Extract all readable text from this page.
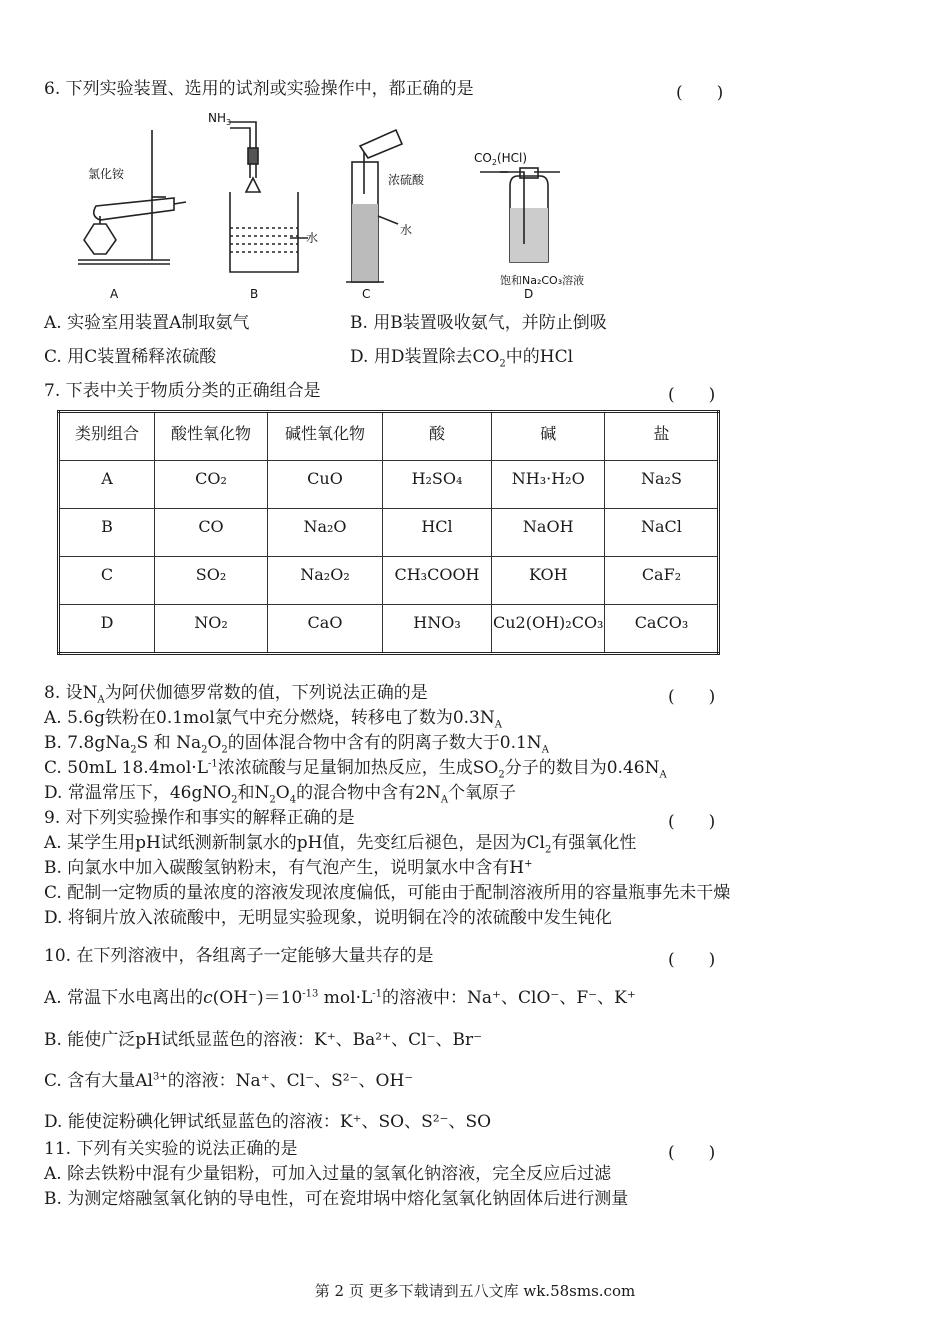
6. 下列实验装置、选用的试剂或实验操作中，都正确的是	(　　)
氯化铵
$NH_3$
水
浓硫酸
水
$CO_2(HCl)$
饱和Na₂CO₃溶液
A	B	C	D
A. 实验室用装置A制取氨气	B. 用B装置吸收氨气，并防止倒吸
C. 用C装置稀释浓硫酸	D. 用D装置除去$CO_2$中的HCl
7. 下表中关于物质分类的正确组合是	(　　)
类别组合	酸性氧化物	碱性氧化物	酸	碱	盐
A	CO₂	CuO	H₂SO₄	NH₃·H₂O	Na₂S
B	CO	Na₂O	HCl	NaOH	NaCl
C	SO₂	Na₂O₂	CH₃COOH	KOH	CaF₂
D	NO₂	CaO	HNO₃	Cu2(OH)₂CO₃	CaCO₃
8. 设$N_A$为阿伏伽德罗常数的值，下列说法正确的是	(　　)
A. 5.6g铁粉在0.1mol氯气中充分燃烧，转移电了数为$0.3N_A$
B. 7.8gNa$_2$S 和 $Na_2O_2$的固体混合物中含有的阴离子数大于$0.1N_A$
C. 50mL $18.4mol\cdot L^{-1}$浓浓硫酸与足量铜加热反应，生成$SO_2$分子的数目为$0.46N_A$
D. 常温常压下，46gNO$_2$和$N_2O_4$的混合物中含有$2N_A$个氧原子
9. 对下列实验操作和事实的解释正确的是	(　　)
A. 某学生用pH试纸测新制氯水的pH值，先变红后褪色，是因为$Cl_2$有强氧化性
B. 向氯水中加入碳酸氢钠粉末，有气泡产生，说明氯水中含有H+
C. 配制一定物质的量浓度的溶液发现浓度偏低，可能由于配制溶液所用的容量瓶事先未干燥
D. 将铜片放入浓硫酸中，无明显实验现象，说明铜在冷的浓硫酸中发生钝化
10. 在下列溶液中，各组离子一定能够大量共存的是	(　　)
A. 常温下水电离出的$c(OH^-)=10^{-13}$ $mol\cdot L^{-1}$的溶液中：Na⁺、ClO⁻、F⁻、K⁺
B. 能使广泛pH试纸显蓝色的溶液：K⁺、Ba²⁺、Cl⁻、Br⁻
C. 含有大量$Al^{3+}$的溶液：Na⁺、Cl⁻、S²⁻、OH⁻
D. 能使淀粉碘化钾试纸显蓝色的溶液：K⁺、SO、S²⁻、SO
11. 下列有关实验的说法正确的是	(　　)
A. 除去铁粉中混有少量铝粉，可加入过量的氢氧化钠溶液，完全反应后过滤
B. 为测定熔融氢氧化钠的导电性，可在瓷坩埚中熔化氢氧化钠固体后进行测量
第 2 页 更多下载请到五八文库 wk.58sms.com
